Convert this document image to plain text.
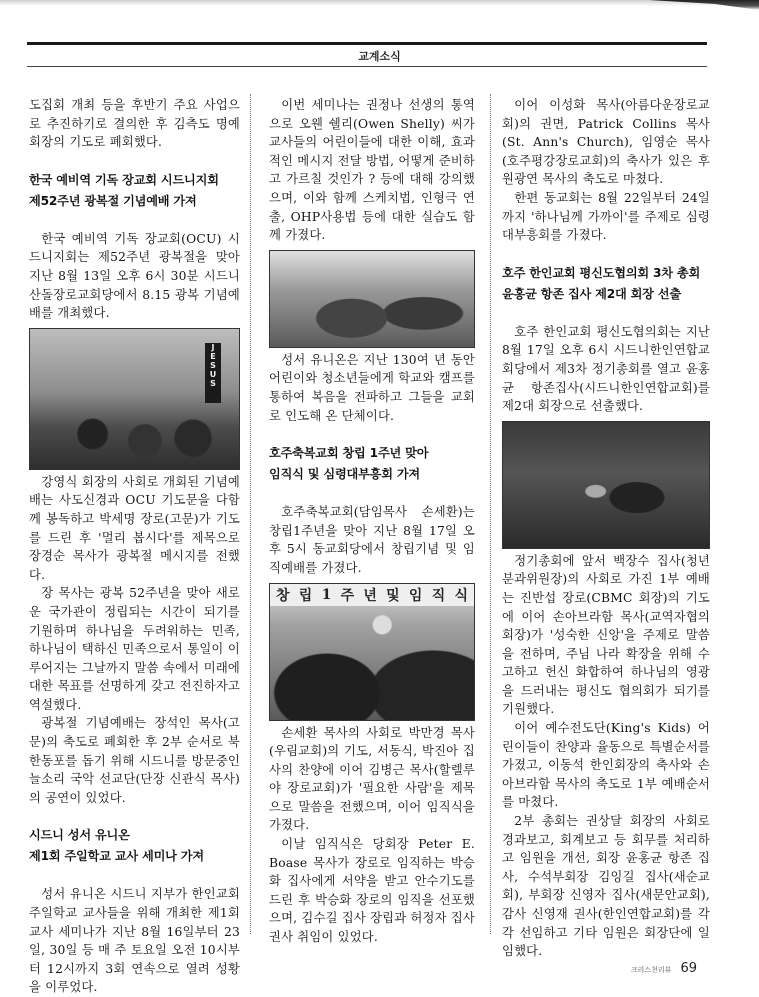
교계소식

도집회 개최 등을 후반기 주요 사업으로 추진하기로 결의한 후 김측도 명예회장의 기도로 폐회했다.

한국 예비역 기독 장교회 시드니지회
제52주년 광복절 기념예배 가져

한국 예비역 기독 장교회(OCU) 시드니지회는 제52주년 광복절을 맞아 지난 8월 13일 오후 6시 30분 시드니산돌장로교회당에서 8.15 광복 기념예배를 개최했다.

JESUS

강영식 회장의 사회로 개회된 기념예배는 사도신경과 OCU 기도문을 다함께 봉독하고 박세명 장로(고문)가 기도를 드린 후 '멀리 봅시다'를 제목으로 장경순 목사가 광복절 메시지를 전했다.

장 목사는 광복 52주년을 맞아 새로운 국가관이 정립되는 시간이 되기를 기원하며 하나님을 두려워하는 민족, 하나님이 택하신 민족으로서 통일이 이루어지는 그날까지 말씀 속에서 미래에 대한 목표를 선명하게 갖고 전진하자고 역설했다.

광복절 기념예배는 장석인 목사(고문)의 축도로 폐회한 후 2부 순서로 북한동포를 돕기 위해 시드니를 방문중인 늘소리 국악 선교단(단장 신관식 목사)의 공연이 있었다.

시드니 성서 유니온
제1회 주일학교 교사 세미나 가져

성서 유니온 시드니 지부가 한인교회 주일학교 교사들을 위해 개최한 제1회 교사 세미나가 지난 8월 16일부터 23일, 30일 등 매 주 토요일 오전 10시부터 12시까지 3회 연속으로 열려 성황을 이루었다.

이번 세미나는 권정나 선생의 통역으로 오웬 쉘리(Owen Shelly) 씨가 교사들의 어린이들에 대한 이해, 효과적인 메시지 전달 방법, 어떻게 준비하고 가르칠 것인가 ? 등에 대해 강의했으며, 이와 함께 스케치법, 인형극 연출, OHP사용법 등에 대한 실습도 함께 가졌다.

성서 유니온은 지난 130여 년 동안 어린이와 청소년들에게 학교와 캠프를 통하여 복음을 전파하고 그들을 교회로 인도해 온 단체이다.

호주축복교회 창립 1주년 맞아
임직식 및 심령대부흥회 가져

호주축복교회(담임목사 손세환)는 창립1주년을 맞아 지난 8월 17일 오후 5시 동교회당에서 창립기념 및 임직예배를 가졌다.

창 립 1 주 년 및 임 직 식

손세환 목사의 사회로 박만경 목사(우림교회)의 기도, 서동식, 박진아 집사의 찬양에 이어 김병근 목사(할렐루야 장로교회)가 '필요한 사람'을 제목으로 말씀을 전했으며, 이어 임직식을 가졌다.

이날 임직식은 당회장 Peter E. Boase 목사가 장로로 임직하는 박승화 집사에게 서약을 받고 안수기도를 드린 후 박승화 장로의 임직을 선포했으며, 김수길 집사 장립과 허정자 집사 권사 취임이 있었다.

이어 이성화 목사(아름다운장로교회)의 권면, Patrick Collins 목사(St. Ann's Church), 임영순 목사(호주평강장로교회)의 축사가 있은 후 원광연 목사의 축도로 마쳤다.

한편 동교회는 8월 22일부터 24일까지 '하나님께 가까이'를 주제로 심령 대부흥회를 가졌다.

호주 한인교회 평신도협의회 3차 총회
윤홍균 항존 집사 제2대 회장 선출

호주 한인교회 평신도협의회는 지난 8월 17일 오후 6시 시드니한인연합교회당에서 제3차 정기총회를 열고 윤홍균 항존집사(시드니한인연합교회)를 제2대 회장으로 선출했다.

정기총회에 앞서 백장수 집사(청년분과위원장)의 사회로 가진 1부 예배는 진반섭 장로(CBMC 회장)의 기도에 이어 손아브라함 목사(교역자협의회장)가 '성숙한 신앙'을 주제로 말씀을 전하며, 주님 나라 확장을 위해 수고하고 헌신 화합하여 하나님의 영광을 드러내는 평신도 협의회가 되기를 기원했다.

이어 예수전도단(King's Kids) 어린이들이 찬양과 율동으로 특별순서를 가졌고, 이동석 한인회장의 축사와 손아브라함 목사의 축도로 1부 예배순서를 마쳤다.

2부 총회는 권상달 회장의 사회로 경과보고, 회계보고 등 회무를 처리하고 임원을 개선, 회장 윤홍균 항존 집사, 수석부회장 김잉길 집사(새순교회), 부회장 신영자 집사(새문안교회), 감사 신영재 권사(한인연합교회)를 각각 선임하고 기타 임원은 회장단에 일임했다.

크리스천리뷰 69
